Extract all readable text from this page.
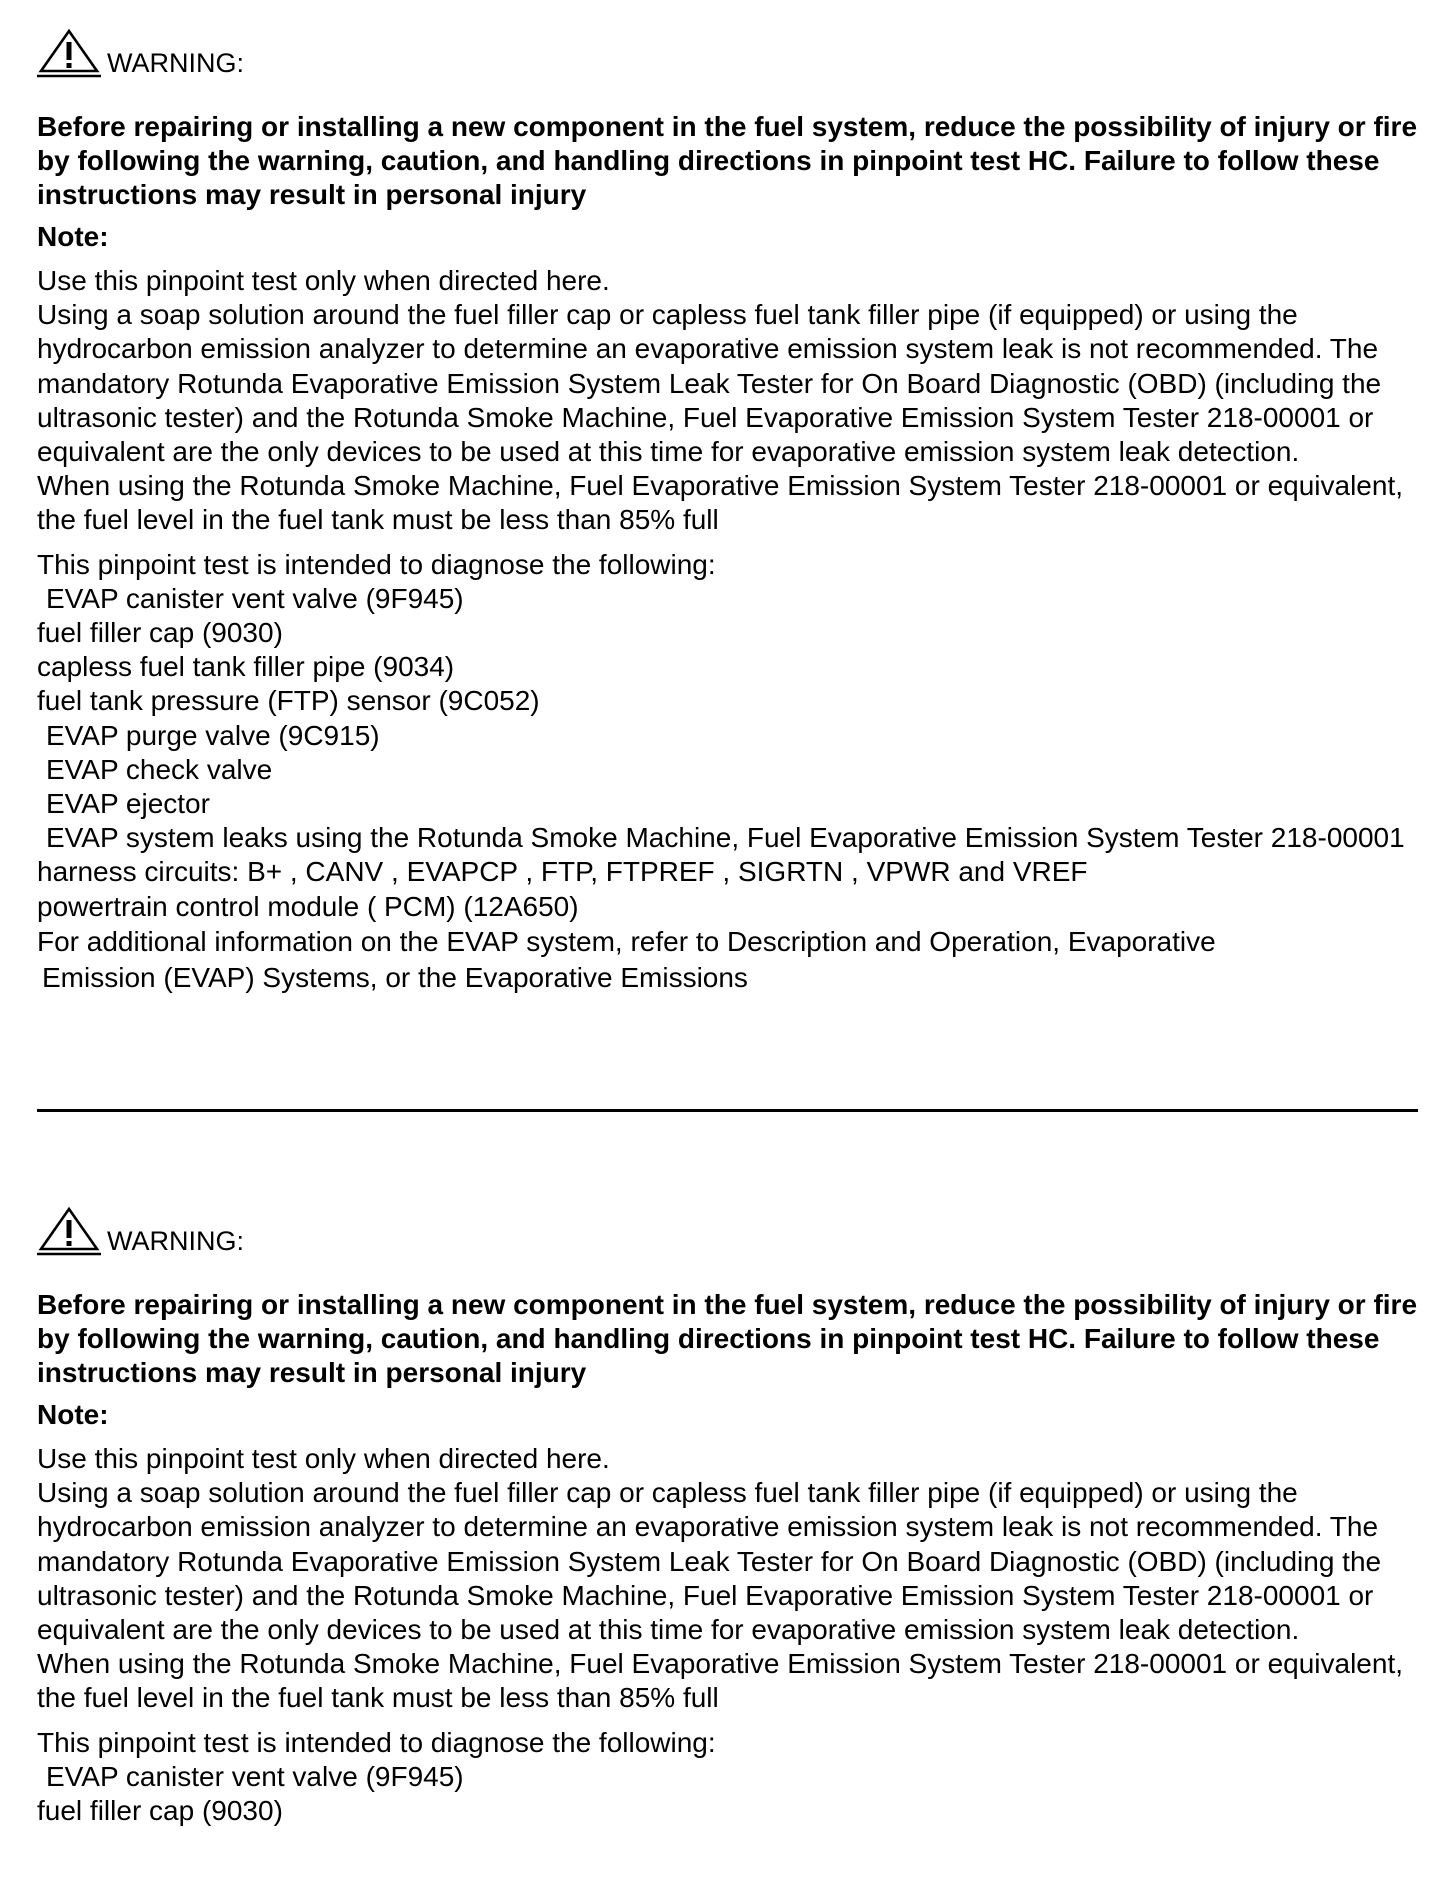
WARNING:
Before repairing or installing a new component in the fuel system, reduce the possibility of injury or fire by following the warning, caution, and handling directions in pinpoint test HC. Failure to follow these instructions may result in personal injury
Note:
Use this pinpoint test only when directed here.
Using a soap solution around the fuel filler cap or capless fuel tank filler pipe (if equipped) or using the hydrocarbon emission analyzer to determine an evaporative emission system leak is not recommended. The mandatory Rotunda Evaporative Emission System Leak Tester for On Board Diagnostic (OBD) (including the ultrasonic tester) and the Rotunda Smoke Machine, Fuel Evaporative Emission System Tester 218-00001 or equivalent are the only devices to be used at this time for evaporative emission system leak detection.
When using the Rotunda Smoke Machine, Fuel Evaporative Emission System Tester 218-00001 or equivalent, the fuel level in the fuel tank must be less than 85% full
This pinpoint test is intended to diagnose the following:
EVAP canister vent valve (9F945)
fuel filler cap (9030)
capless fuel tank filler pipe (9034)
fuel tank pressure (FTP) sensor (9C052)
EVAP purge valve (9C915)
EVAP check valve
EVAP ejector
EVAP system leaks using the Rotunda Smoke Machine, Fuel Evaporative Emission System Tester 218-00001
harness circuits: B+ , CANV , EVAPCP , FTP, FTPREF , SIGRTN , VPWR and VREF
powertrain control module ( PCM) (12A650)
For additional information on the EVAP system, refer to Description and Operation, Evaporative
Emission (EVAP) Systems, or the Evaporative Emissions
WARNING:
Before repairing or installing a new component in the fuel system, reduce the possibility of injury or fire by following the warning, caution, and handling directions in pinpoint test HC. Failure to follow these instructions may result in personal injury
Note:
Use this pinpoint test only when directed here.
Using a soap solution around the fuel filler cap or capless fuel tank filler pipe (if equipped) or using the hydrocarbon emission analyzer to determine an evaporative emission system leak is not recommended. The mandatory Rotunda Evaporative Emission System Leak Tester for On Board Diagnostic (OBD) (including the ultrasonic tester) and the Rotunda Smoke Machine, Fuel Evaporative Emission System Tester 218-00001 or equivalent are the only devices to be used at this time for evaporative emission system leak detection.
When using the Rotunda Smoke Machine, Fuel Evaporative Emission System Tester 218-00001 or equivalent, the fuel level in the fuel tank must be less than 85% full
This pinpoint test is intended to diagnose the following:
EVAP canister vent valve (9F945)
fuel filler cap (9030)
